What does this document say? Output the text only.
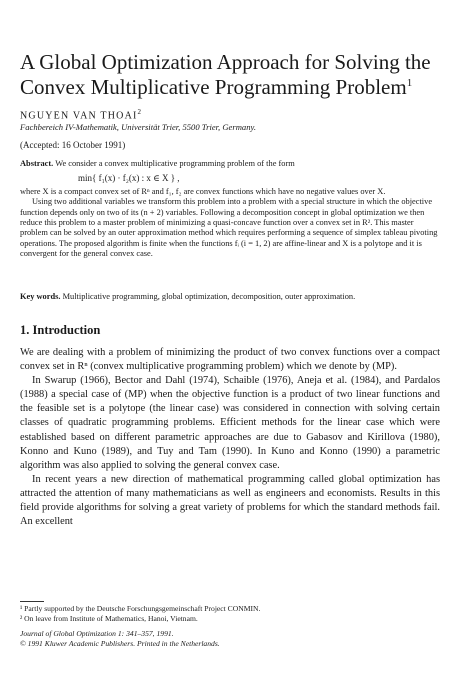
A Global Optimization Approach for Solving the Convex Multiplicative Programming Problem$^1$
NGUYEN VAN THOAI$^2$
Fachbereich IV-Mathematik, Universität Trier, 5500 Trier, Germany.
(Accepted: 16 October 1991)

Abstract. We consider a convex multiplicative programming problem of the form

min{ f₁(x) · f₂(x) : x ∈ X } ,

where X is a compact convex set of Rⁿ and f₁, f₂ are convex functions which have no negative values over X.

Using two additional variables we transform this problem into a problem with a special structure in which the objective function depends only on two of its (n + 2) variables. Following a decomposition concept in global optimization we then reduce this problem to a master problem of minimizing a quasi-concave function over a convex set in R². This master problem can be solved by an outer approximation method which requires performing a sequence of simplex tableau pivoting operations. The proposed algorithm is finite when the functions fᵢ (i = 1, 2) are affine-linear and X is a polytope and it is convergent for the general convex case.

Key words. Multiplicative programming, global optimization, decomposition, outer approximation.
1. Introduction

We are dealing with a problem of minimizing the product of two convex functions over a compact convex set in Rⁿ (convex multiplicative programming problem) which we denote by (MP).

In Swarup (1966), Bector and Dahl (1974), Schaible (1976), Aneja et al. (1984), and Pardalos (1988) a special case of (MP) when the objective function is a product of two linear functions and the feasible set is a polytope (the linear case) was considered in connection with solving certain classes of quadratic programming problems. Efficient methods for the linear case which were established based on different parametric approaches are due to Gabasov and Kirillova (1980), Konno and Kuno (1989), and Tuy and Tam (1990). In Kuno and Konno (1990) a parametric algorithm was also applied to solving the general convex case.

In recent years a new direction of mathematical programming called global optimization has attracted the attention of many mathematicians as well as engineers and economists. Results in this field provide algorithms for solving a great variety of problems for which the standard methods fail. An excellent

¹ Partly supported by the Deutsche Forschungsgemeinschaft Project CONMIN.

² On leave from Institute of Mathematics, Hanoi, Vietnam.

Journal of Global Optimization 1: 341–357, 1991.

© 1991 Kluwer Academic Publishers. Printed in the Netherlands.
